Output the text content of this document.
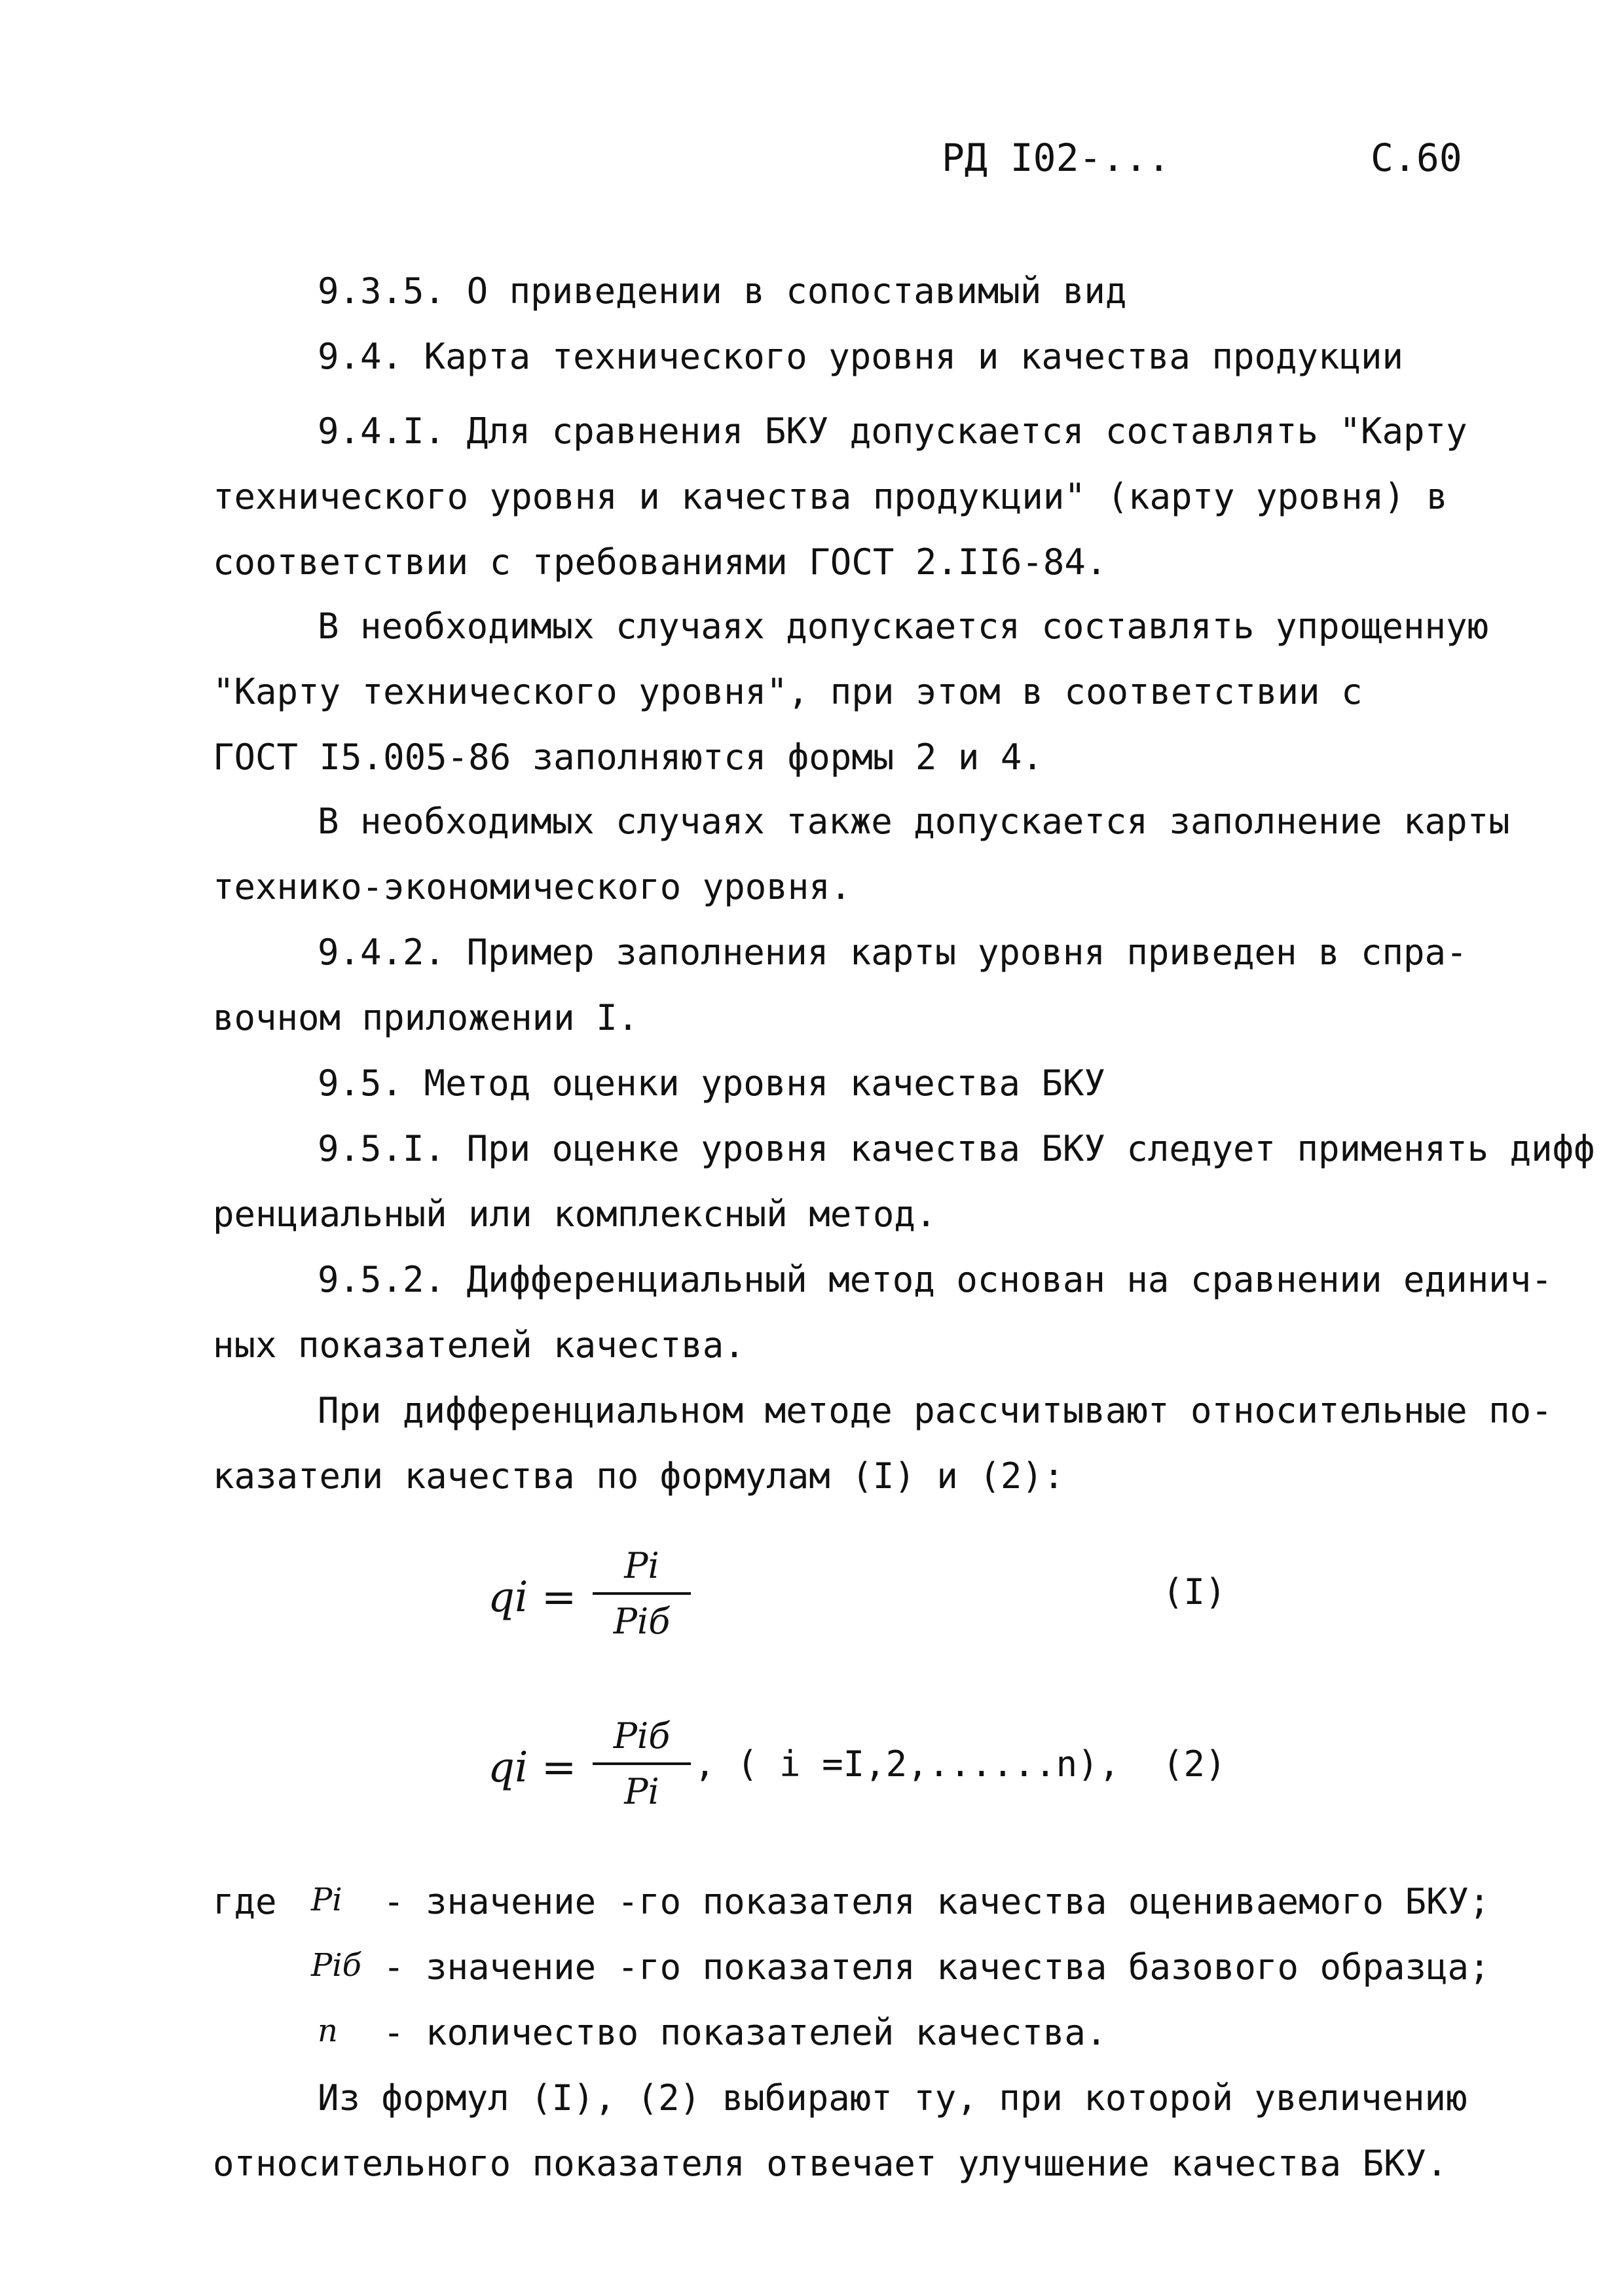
РД I02-...	С.60
9.3.5. О приведении в сопоставимый вид
9.4. Карта технического уровня и качества продукции
9.4.I. Для сравнения БКУ допускается составлять "Карту
технического уровня и качества продукции" (карту уровня) в
соответствии с требованиями ГОСТ 2.II6-84.
В необходимых случаях допускается составлять упрощенную
"Карту технического уровня", при этом в соответствии с
ГОСТ I5.005-86 заполняются формы 2 и 4.
В необходимых случаях также допускается заполнение карты
технико-экономического уровня.
9.4.2. Пример заполнения карты уровня приведен в спра-
вочном приложении I.
9.5. Метод оценки уровня качества БКУ
9.5.I. При оценке уровня качества БКУ следует применять дифф
ренциальный или комплексный метод.
9.5.2. Дифференциальный метод основан на сравнении единич-
ных показателей качества.
При дифференциальном методе рассчитывают относительные по-
казатели качества по формулам (I) и (2):
qi =
Pi
Piб
(I)
qi =
Piб
Pi
, ( i =I,2,......n), (2)
где Pi - значение -го показателя качества оцениваемого БКУ;
Piб - значение -го показателя качества базового образца;
n - количество показателей качества.
Из формул (I), (2) выбирают ту, при которой увеличению
относительного показателя отвечает улучшение качества БКУ.
